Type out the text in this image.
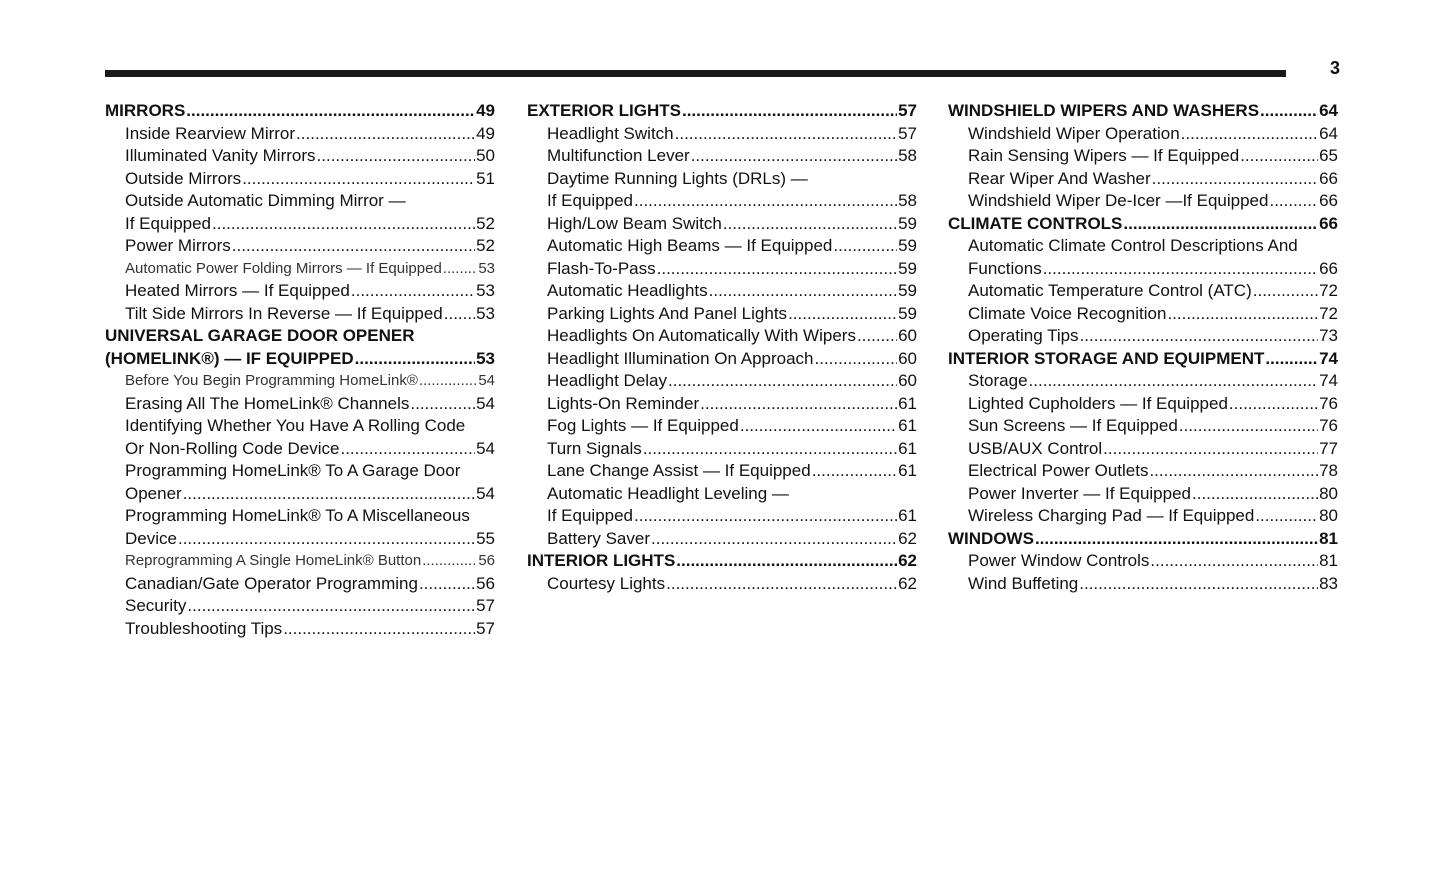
3
MIRRORS .....	49
Inside Rearview Mirror .....	49
Illuminated Vanity Mirrors .....	50
Outside Mirrors .....	51
Outside Automatic Dimming Mirror —
If Equipped .....	52
Power Mirrors .....	52
Automatic Power Folding Mirrors — If Equipped ..... 53
Heated Mirrors — If Equipped .....	53
Tilt Side Mirrors In Reverse — If Equipped ..... 53
UNIVERSAL GARAGE DOOR OPENER
(HOMELINK®) — IF EQUIPPED .....	53
Before You Begin Programming HomeLink® .....	54
Erasing All The HomeLink® Channels .....	54
Identifying Whether You Have A Rolling Code
Or Non-Rolling Code Device .....	54
Programming HomeLink® To A Garage Door
Opener .....	54
Programming HomeLink® To A Miscellaneous
Device .....	55
Reprogramming A Single HomeLink® Button .....	56
Canadian/Gate Operator Programming .....	56
Security .....	57
Troubleshooting Tips .....	57
EXTERIOR LIGHTS .....	57
Headlight Switch .....	57
Multifunction Lever .....	58
Daytime Running Lights (DRLs) —
If Equipped .....	58
High/Low Beam Switch .....	59
Automatic High Beams — If Equipped .....	59
Flash-To-Pass .....	59
Automatic Headlights .....	59
Parking Lights And Panel Lights .....	59
Headlights On Automatically With Wipers ..... 60
Headlight Illumination On Approach .....	60
Headlight Delay .....	60
Lights-On Reminder .....	61
Fog Lights — If Equipped .....	61
Turn Signals .....	61
Lane Change Assist — If Equipped .....	61
Automatic Headlight Leveling —
If Equipped .....	61
Battery Saver .....	62
INTERIOR LIGHTS .....	62
Courtesy Lights .....	62
WINDSHIELD WIPERS AND WASHERS .....	64
Windshield Wiper Operation .....	64
Rain Sensing Wipers — If Equipped .....	65
Rear Wiper And Washer .....	66
Windshield Wiper De-Icer —If Equipped .....	66
CLIMATE CONTROLS .....	66
Automatic Climate Control Descriptions And
Functions .....	66
Automatic Temperature Control (ATC) .....	72
Climate Voice Recognition .....	72
Operating Tips .....	73
INTERIOR STORAGE AND EQUIPMENT .....	74
Storage .....	74
Lighted Cupholders — If Equipped .....	76
Sun Screens — If Equipped .....	76
USB/AUX Control .....	77
Electrical Power Outlets .....	78
Power Inverter — If Equipped .....	80
Wireless Charging Pad — If Equipped .....	80
WINDOWS .....	81
Power Window Controls .....	81
Wind Buffeting .....	83
